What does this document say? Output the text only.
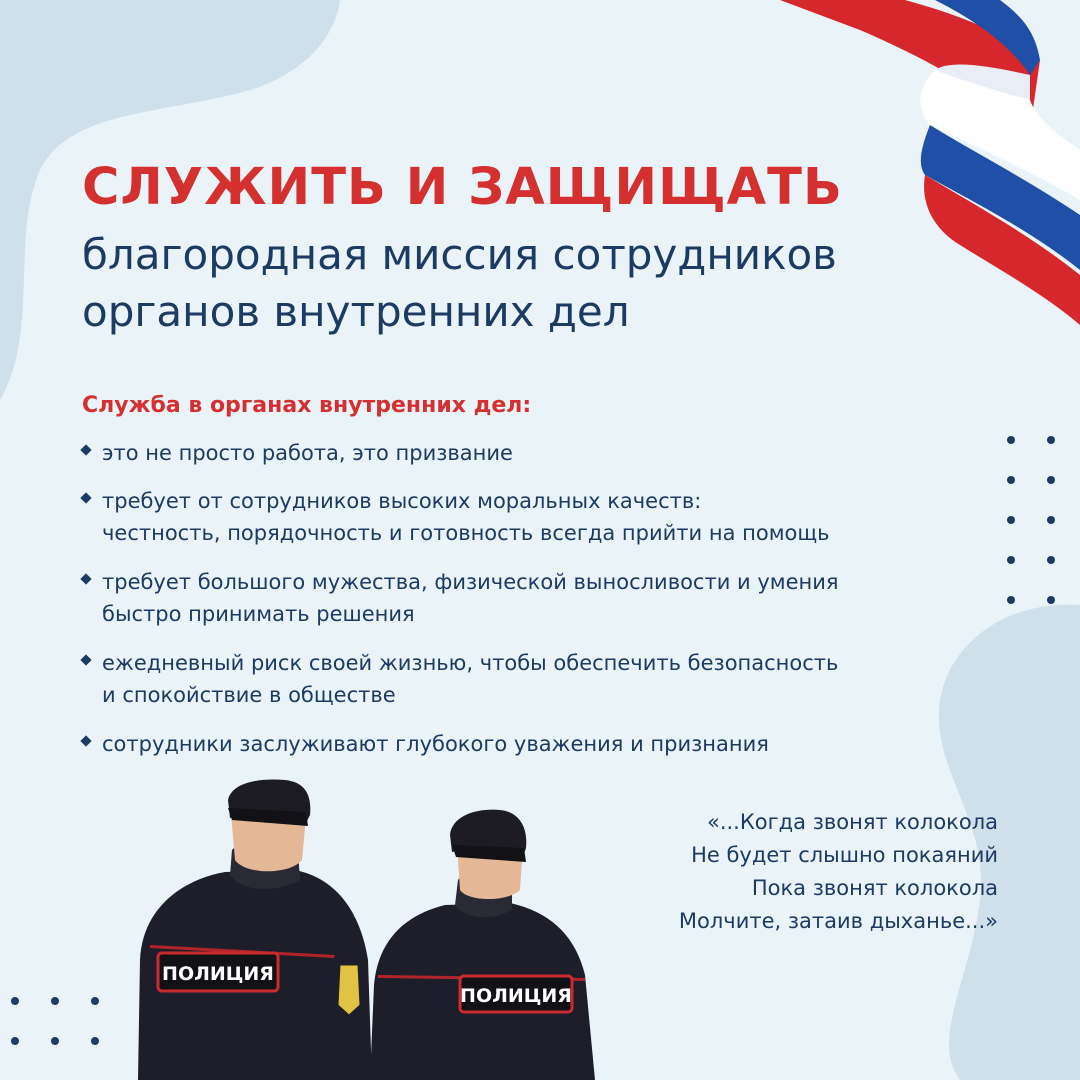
ПОЛИЦИЯ
ПОЛИЦИЯ
СЛУЖИТЬ И ЗАЩИЩАТЬ
благородная миссия сотрудников
органов внутренних дел
Служба в органах внутренних дел:
это не просто работа, это призвание
требует от сотрудников высоких моральных качеств:
честность, порядочность и готовность всегда прийти на помощь
требует большого мужества, физической выносливости и умения
быстро принимать решения
ежедневный риск своей жизнью, чтобы обеспечить безопасность
и спокойствие в обществе
сотрудники заслуживают глубокого уважения и признания
«...Когда звонят колокола
Не будет слышно покаяний
Пока звонят колокола
Молчите, затаив дыханье...»
